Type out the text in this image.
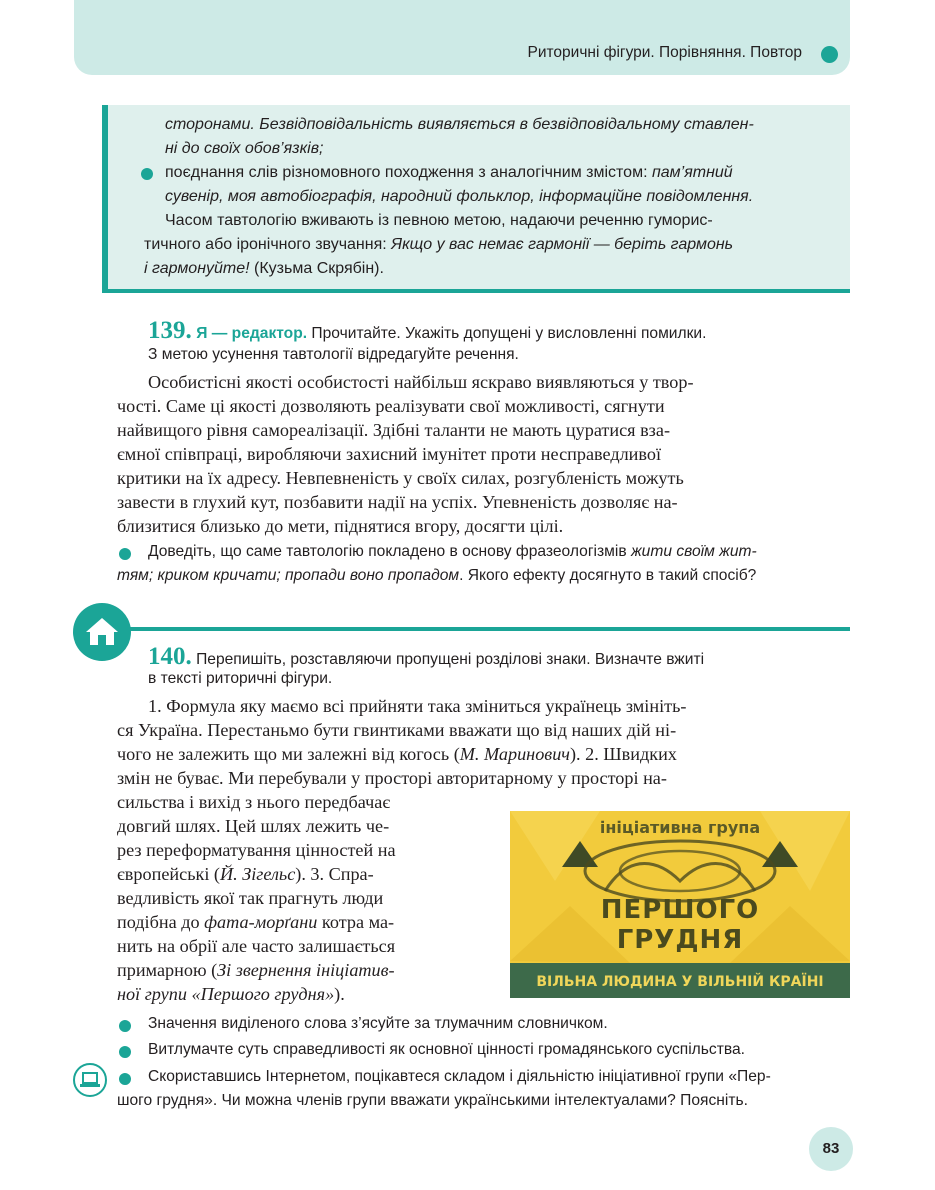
Риторичні фігури. Порівняння. Повтор
сторонами. Безвідповідальність виявляється в безвідповідальному ставлен-
ні до своїх обов’язків;
поєднання слів різномовного походження з аналогічним змістом: пам’ятний
сувенір, моя автобіографія, народний фольклор, інформаційне повідомлення.
Часом тавтологію вживають із певною метою, надаючи реченню гуморис-
тичного або іронічного звучання: Якщо у вас немає гармонії — беріть гармонь
і гармонуйте! (Кузьма Скрябін).
139. Я — редактор. Прочитайте. Укажіть допущені у висловленні помилки.
З метою усунення тавтології відредагуйте речення.
Особистісні якості особистості найбільш яскраво виявляються у твор-
чості. Саме ці якості дозволяють реалізувати свої можливості, сягнути
найвищого рівня самореалізації. Здібні таланти не мають цуратися вза-
ємної співпраці, виробляючи захисний імунітет проти несправедливої
критики на їх адресу. Невпевненість у своїх силах, розгубленість можуть
завести в глухий кут, позбавити надії на успіх. Упевненість дозволяє на-
близитися близько до мети, піднятися вгору, досягти цілі.
Доведіть, що саме тавтологію покладено в основу фразеологізмів жити своїм жит-
тям; криком кричати; пропади воно пропадом. Якого ефекту досягнуто в такий спосіб?
140. Перепишіть, розставляючи пропущені розділові знаки. Визначте вжиті
в тексті риторичні фігури.
1. Формула яку маємо всі прийняти така зміниться українець змініть-
ся Україна. Перестаньмо бути гвинтиками вважати що від наших дій ні-
чого не залежить що ми залежні від когось (М. Маринович). 2. Швидких
змін не буває. Ми перебували у просторі авторитарному у просторі на-
сильства і вихід з нього передбачає
довгий шлях. Цей шлях лежить че-
рез переформатування цінностей на
європейські (Й. Зігельс). 3. Спра-
ведливість якої так прагнуть люди
подібна до фата-морґани котра ма-
нить на обрії але часто залишається
примарною (Зі звернення ініціатив-
ної групи «Першого грудня»).
ініціативна група
ПЕРШОГО
ГРУДНЯ
ВІЛЬНА ЛЮДИНА У ВІЛЬНІЙ КРАЇНІ
Значення виділеного слова з’ясуйте за тлумачним словничком.
Витлумачте суть справедливості як основної цінності громадянського суспільства.
Скориставшись Інтернетом, поцікавтеся складом і діяльністю ініціативної групи «Пер-
шого грудня». Чи можна членів групи вважати українськими інтелектуалами? Поясніть.
83
